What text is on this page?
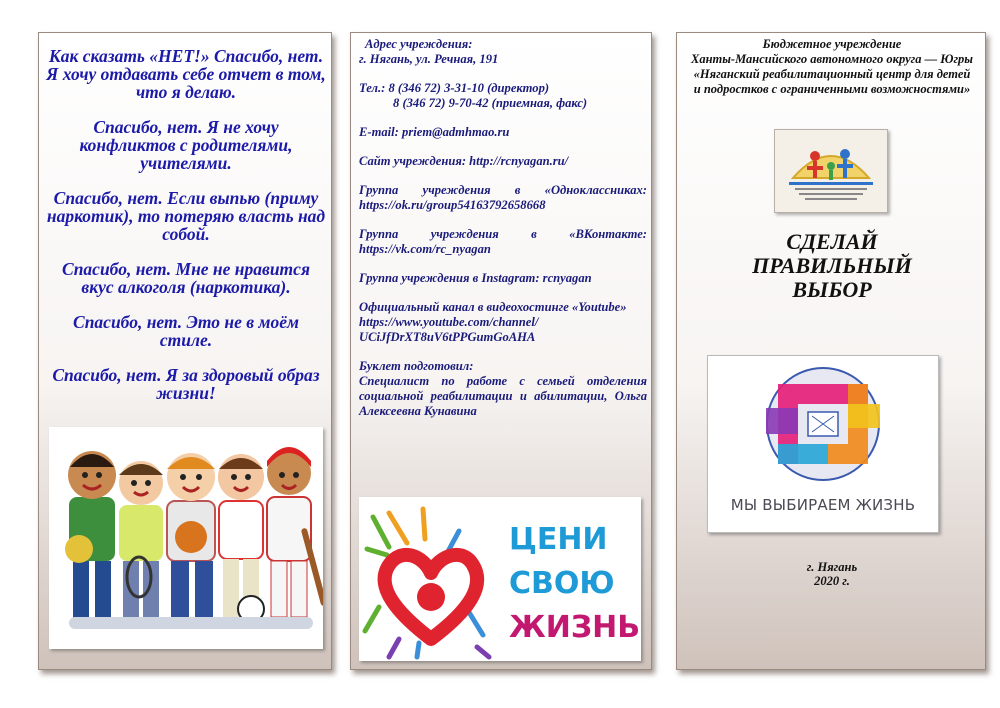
Как сказать «НЕТ!» Спасибо, нет. Я хочу отдавать себе отчет в том, что я делаю.

Спасибо, нет. Я не хочу конфликтов с родителями, учителями.

Спасибо, нет. Если выпью (приму наркотик), то потеряю власть над собой.

Спасибо, нет. Мне не нравится вкус алкоголя (наркотика).

Спасибо, нет. Это не в моём стиле.

Спасибо, нет. Я за здоровый образ жизни!

Адрес учреждения:
г. Нягань, ул. Речная, 191

Тел.: 8 (346 72) 3-31-10 (директор)
8 (346 72) 9-70-42 (приемная, факс)

E-mail: priem@admhmao.ru

Сайт учреждения: http://rcnyagan.ru/

Группа учреждения в «Одноклассниках: https://ok.ru/group54163792658668

Группа учреждения в «ВКонтакте: https://vk.com/rc_nyagan

Группа учреждения в Instagram: rcnyagan

Официальный канал в видеохостинге «Youtube»
https://www.youtube.com/channel/
UCiJfDrXT8uV6tPPGumGoAHA

Буклет подготовил:
Специалист по работе с семьей отделения социальной реабилитации и абилитации, Ольга Алексеевна Кунавина

ЦЕНИ
СВОЮ
ЖИЗНЬ
Бюджетное учреждение
Ханты-Мансийского автономного округа — Югры
«Няганский реабилитационный центр для детей
и подростков с ограниченными возможностями»
СДЕЛАЙ
ПРАВИЛЬНЫЙ
ВЫБОР
МЫ ВЫБИРАЕМ ЖИЗНЬ
г. Нягань
2020 г.
